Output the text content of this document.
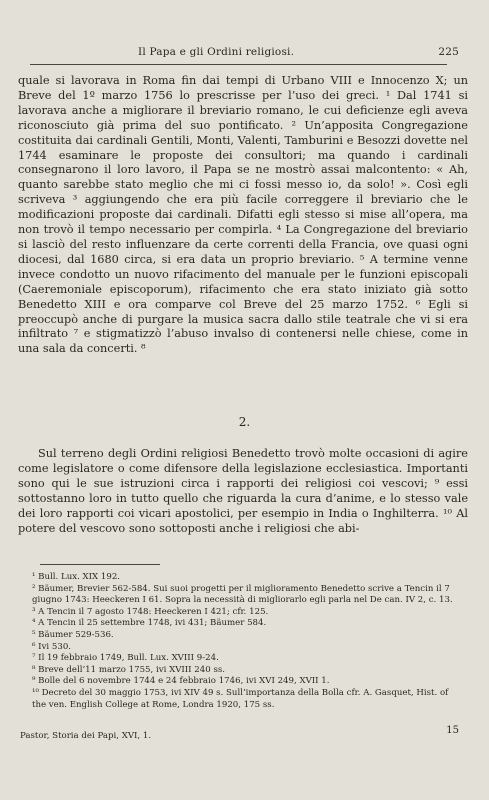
Il Papa e gli Ordini religiosi.	225

quale si lavorava in Roma fin dai tempi di Urbano VIII e Innocenzo X; un Breve del 1º marzo 1756 lo prescrisse per l’uso dei greci. ¹ Dal 1741 si lavorava anche a migliorare il breviario romano, le cui deficienze egli aveva riconosciuto già prima del suo pontificato. ² Un’apposita Congregazione costituita dai cardinali Gentili, Monti, Valenti, Tamburini e Besozzi dovette nel 1744 esaminare le proposte dei consultori; ma quando i cardinali consegnarono il loro lavoro, il Papa se ne mostrò assai malcontento: « Ah, quanto sarebbe stato meglio che mi ci fossi messo io, da solo! ». Così egli scriveva ³ aggiungendo che era più facile correggere il breviario che le modificazioni proposte dai cardinali. Difatti egli stesso si mise all’opera, ma non trovò il tempo necessario per compirla. ⁴ La Congregazione del breviario si lasciò del resto influenzare da certe correnti della Francia, ove quasi ogni diocesi, dal 1680 circa, si era data un proprio breviario. ⁵ A termine venne invece condotto un nuovo rifacimento del manuale per le funzioni episcopali (Caeremoniale episcoporum), rifacimento che era stato iniziato già sotto Benedetto XIII e ora comparve col Breve del 25 marzo 1752. ⁶ Egli si preoccupò anche di purgare la musica sacra dallo stile teatrale che vi si era infiltrato ⁷ e stigmatizzò l’abuso invalso di contenersi nelle chiese, come in una sala da concerti. ⁸

2.

Sul terreno degli Ordini religiosi Benedetto trovò molte occasioni di agire come legislatore o come difensore della legislazione ecclesiastica. Importanti sono qui le sue istruzioni circa i rapporti dei religiosi coi vescovi; ⁹ essi sottostanno loro in tutto quello che riguarda la cura d’anime, e lo stesso vale dei loro rapporti coi vicari apostolici, per esempio in India o Inghilterra. ¹⁰ Al potere del vescovo sono sottoposti anche i religiosi che abi-

¹ Bull. Lux. XIX 192.

² Bäumer, Brevier 562-584. Sui suoi progetti per il miglioramento Benedetto scrive a Tencin il 7 giugno 1743: Heeckeren I 61. Sopra la necessità di migliorarlo egli parla nel De can. IV 2, c. 13.

³ A Tencin il 7 agosto 1748: Heeckeren I 421; cfr. 125.

⁴ A Tencin il 25 settembre 1748, ivi 431; Bäumer 584.

⁵ Bäumer 529-536.

⁶ Ivi 530.

⁷ Il 19 febbraio 1749, Bull. Lux. XVIII 9-24.

⁸ Breve dell’11 marzo 1755, ivi XVIII 240 ss.

⁹ Bolle del 6 novembre 1744 e 24 febbraio 1746, ivi XVI 249, XVII 1.

¹⁰ Decreto del 30 maggio 1753, ivi XIV 49 s. Sull’importanza della Bolla cfr. A. Gasquet, Hist. of the ven. English College at Rome, Londra 1920, 175 ss.

Pastor, Storia dei Papi, XVI, 1.	15
